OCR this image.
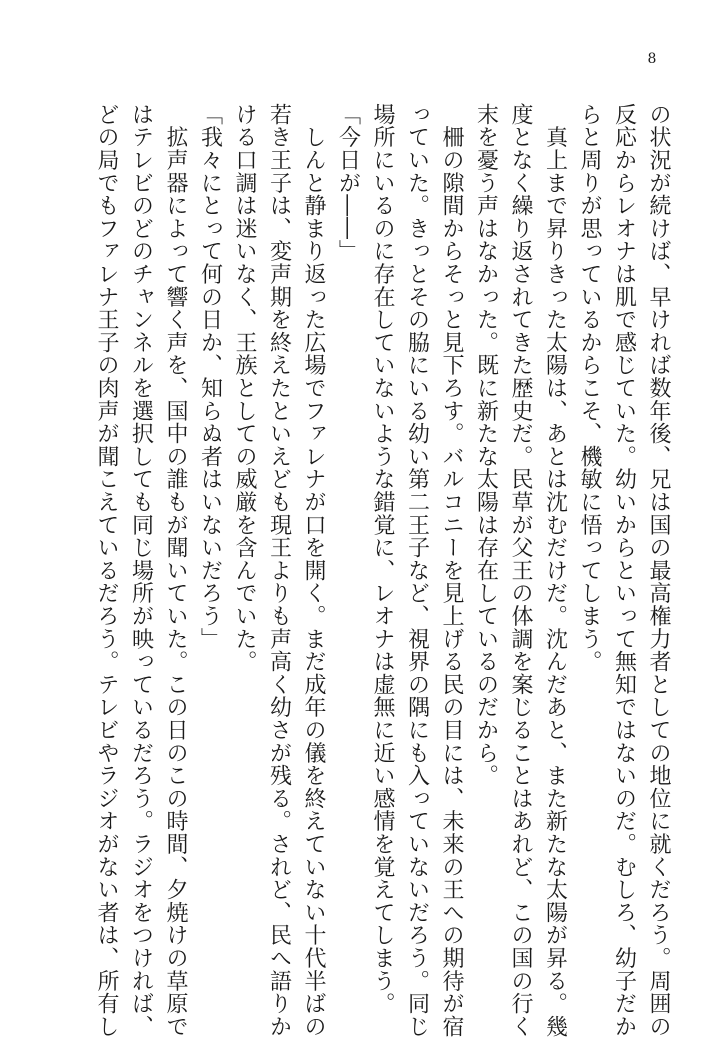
8
の状況が続けば、早ければ数年後、兄は国の最高権力者としての地位に就くだろう。周囲の
反応からレオナは肌で感じていた。幼いからといって無知ではないのだ。むしろ、幼子だか
らと周りが思っているからこそ、機敏に悟ってしまう。
　真上まで昇りきった太陽は、あとは沈むだけだ。沈んだあと、また新たな太陽が昇る。幾
度となく繰り返されてきた歴史だ。民草が父王の体調を案じることはあれど、この国の行く
末を憂う声はなかった。既に新たな太陽は存在しているのだから。
　柵の隙間からそっと見下ろす。バルコニーを見上げる民の目には、未来の王への期待が宿
っていた。きっとその脇にいる幼い第二王子など、視界の隅にも入っていないだろう。同じ
場所にいるのに存在していないような錯覚に、レオナは虚無に近い感情を覚えてしまう。
「今日が――」
　しんと静まり返った広場でファレナが口を開く。まだ成年の儀を終えていない十代半ばの
若き王子は、変声期を終えたといえども現王よりも声高く幼さが残る。されど、民へ語りか
ける口調は迷いなく、王族としての威厳を含んでいた。
「我々にとって何の日か、知らぬ者はいないだろう」
　拡声器によって響く声を、国中の誰もが聞いていた。この日のこの時間、夕焼けの草原で
はテレビのどのチャンネルを選択しても同じ場所が映っているだろう。ラジオをつければ、
どの局でもファレナ王子の肉声が聞こえているだろう。テレビやラジオがない者は、所有し
